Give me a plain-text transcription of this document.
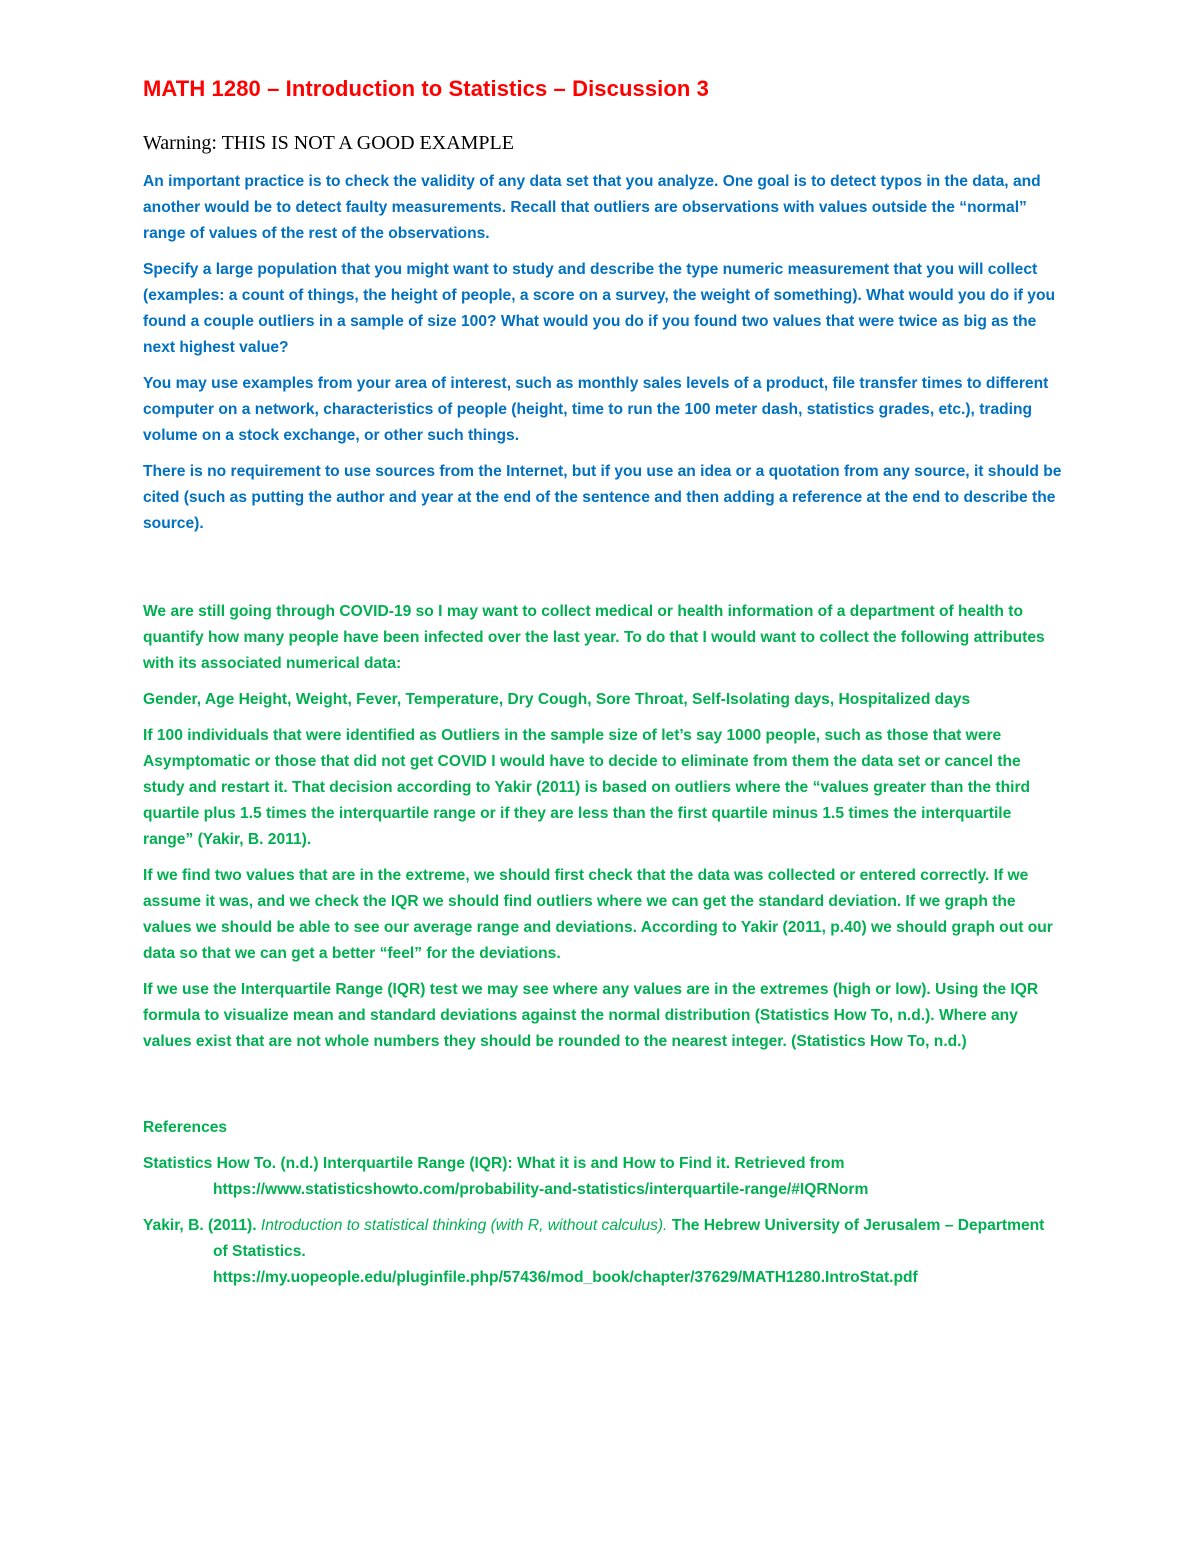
MATH 1280 – Introduction to Statistics – Discussion 3

Warning: THIS IS NOT A GOOD EXAMPLE

An important practice is to check the validity of any data set that you analyze. One goal is to detect typos in the data, and another would be to detect faulty measurements. Recall that outliers are observations with values outside the “normal” range of values of the rest of the observations.

Specify a large population that you might want to study and describe the type numeric measurement that you will collect (examples: a count of things, the height of people, a score on a survey, the weight of something). What would you do if you found a couple outliers in a sample of size 100? What would you do if you found two values that were twice as big as the next highest value?

You may use examples from your area of interest, such as monthly sales levels of a product, file transfer times to different computer on a network, characteristics of people (height, time to run the 100 meter dash, statistics grades, etc.), trading volume on a stock exchange, or other such things.

There is no requirement to use sources from the Internet, but if you use an idea or a quotation from any source, it should be cited (such as putting the author and year at the end of the sentence and then adding a reference at the end to describe the source).

We are still going through COVID-19 so I may want to collect medical or health information of a department of health to quantify how many people have been infected over the last year. To do that I would want to collect the following attributes with its associated numerical data:

Gender, Age Height, Weight, Fever, Temperature, Dry Cough, Sore Throat, Self-Isolating days, Hospitalized days

If 100 individuals that were identified as Outliers in the sample size of let’s say 1000 people, such as those that were Asymptomatic or those that did not get COVID I would have to decide to eliminate from them the data set or cancel the study and restart it. That decision according to Yakir (2011) is based on outliers where the “values greater than the third quartile plus 1.5 times the interquartile range or if they are less than the first quartile minus 1.5 times the interquartile range” (Yakir, B. 2011).

If we find two values that are in the extreme, we should first check that the data was collected or entered correctly. If we assume it was, and we check the IQR we should find outliers where we can get the standard deviation. If we graph the values we should be able to see our average range and deviations. According to Yakir (2011, p.40) we should graph out our data so that we can get a better “feel” for the deviations.

If we use the Interquartile Range (IQR) test we may see where any values are in the extremes (high or low). Using the IQR formula to visualize mean and standard deviations against the normal distribution (Statistics How To, n.d.). Where any values exist that are not whole numbers they should be rounded to the nearest integer. (Statistics How To, n.d.)

References

Statistics How To. (n.d.) Interquartile Range (IQR): What it is and How to Find it. Retrieved from
https://www.statisticshowto.com/probability-and-statistics/interquartile-range/#IQRNorm

Yakir, B. (2011). Introduction to statistical thinking (with R, without calculus). The Hebrew University of Jerusalem – Department of Statistics.
https://my.uopeople.edu/pluginfile.php/57436/mod_book/chapter/37629/MATH1280.IntroStat.pdf
